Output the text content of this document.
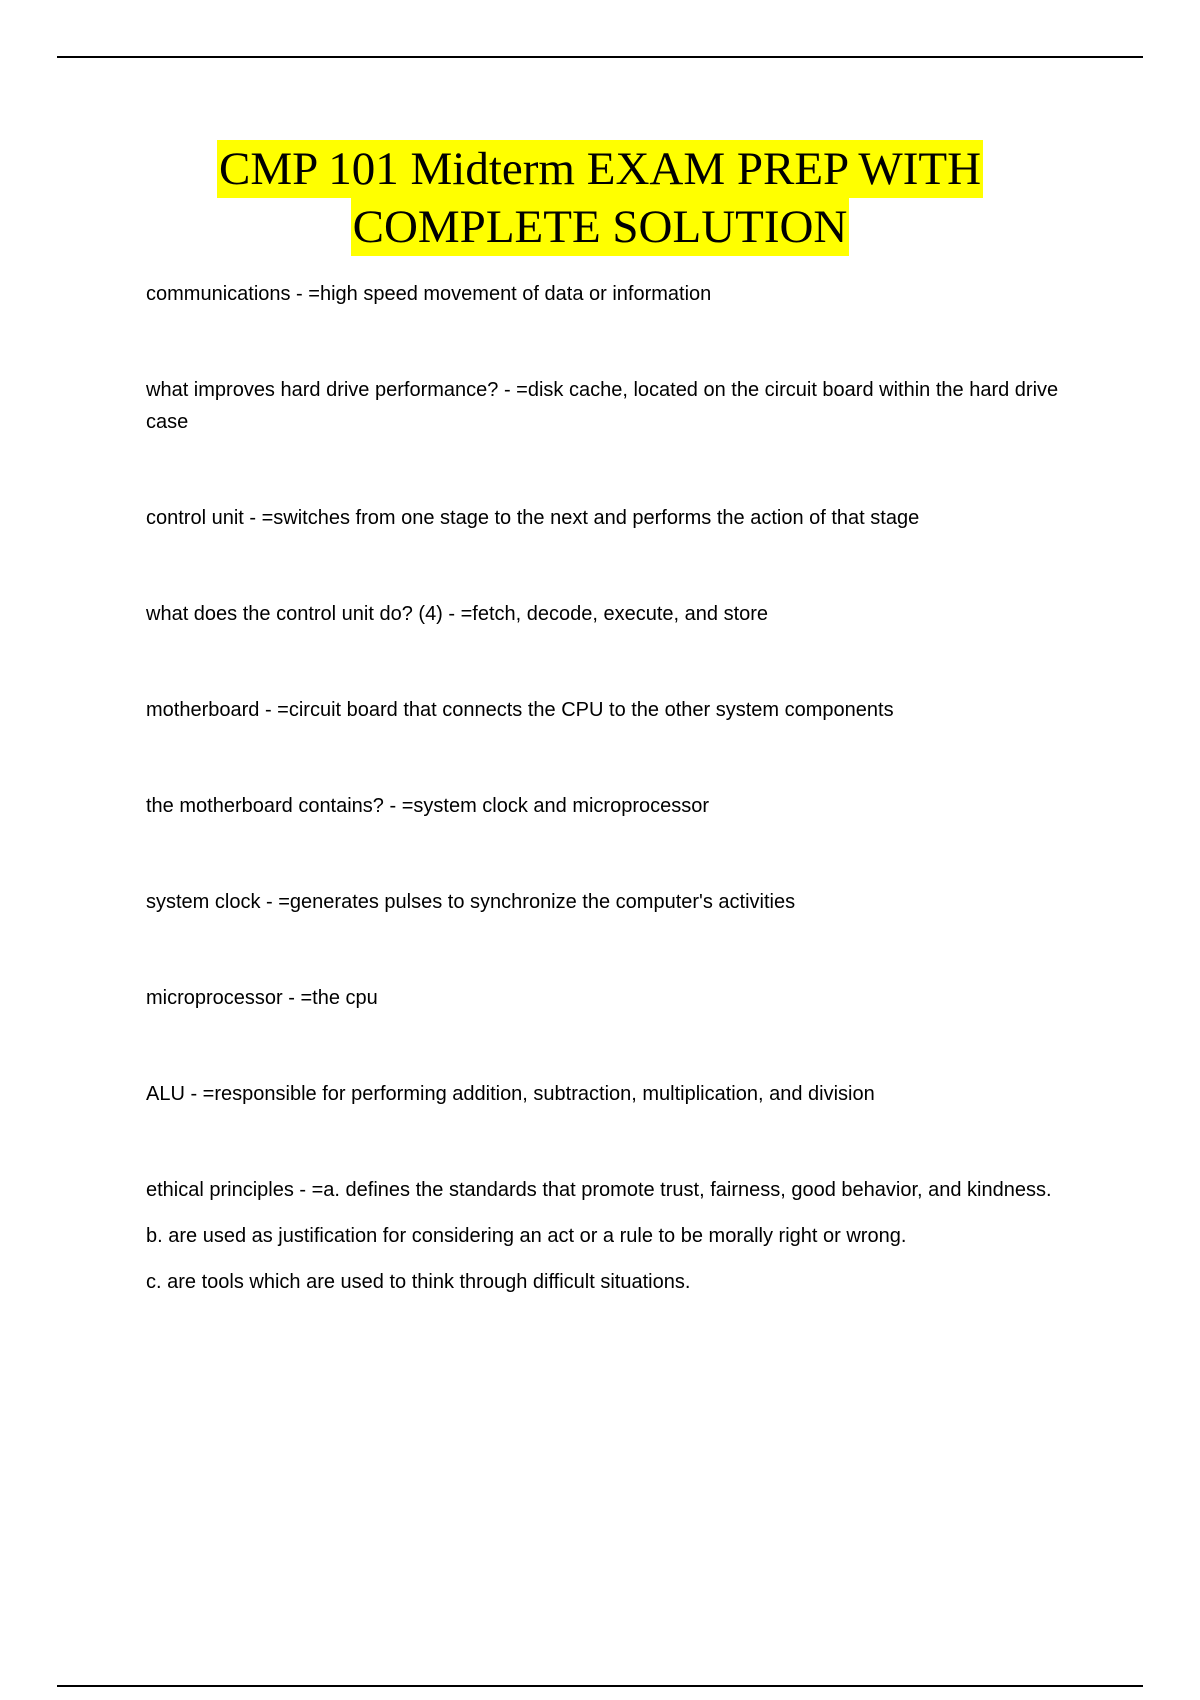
CMP 101 Midterm EXAM PREP WITH
COMPLETE SOLUTION
communications - =high speed movement of data or information
what improves hard drive performance? - =disk cache, located on the circuit board within the hard drive case
control unit - =switches from one stage to the next and performs the action of that stage
what does the control unit do? (4) - =fetch, decode, execute, and store
motherboard - =circuit board that connects the CPU to the other system components
the motherboard contains? - =system clock and microprocessor
system clock - =generates pulses to synchronize the computer's activities
microprocessor - =the cpu
ALU - =responsible for performing addition, subtraction, multiplication, and division
ethical principles - =a. defines the standards that promote trust, fairness, good behavior, and kindness.
b. are used as justification for considering an act or a rule to be morally right or wrong.
c. are tools which are used to think through difficult situations.
